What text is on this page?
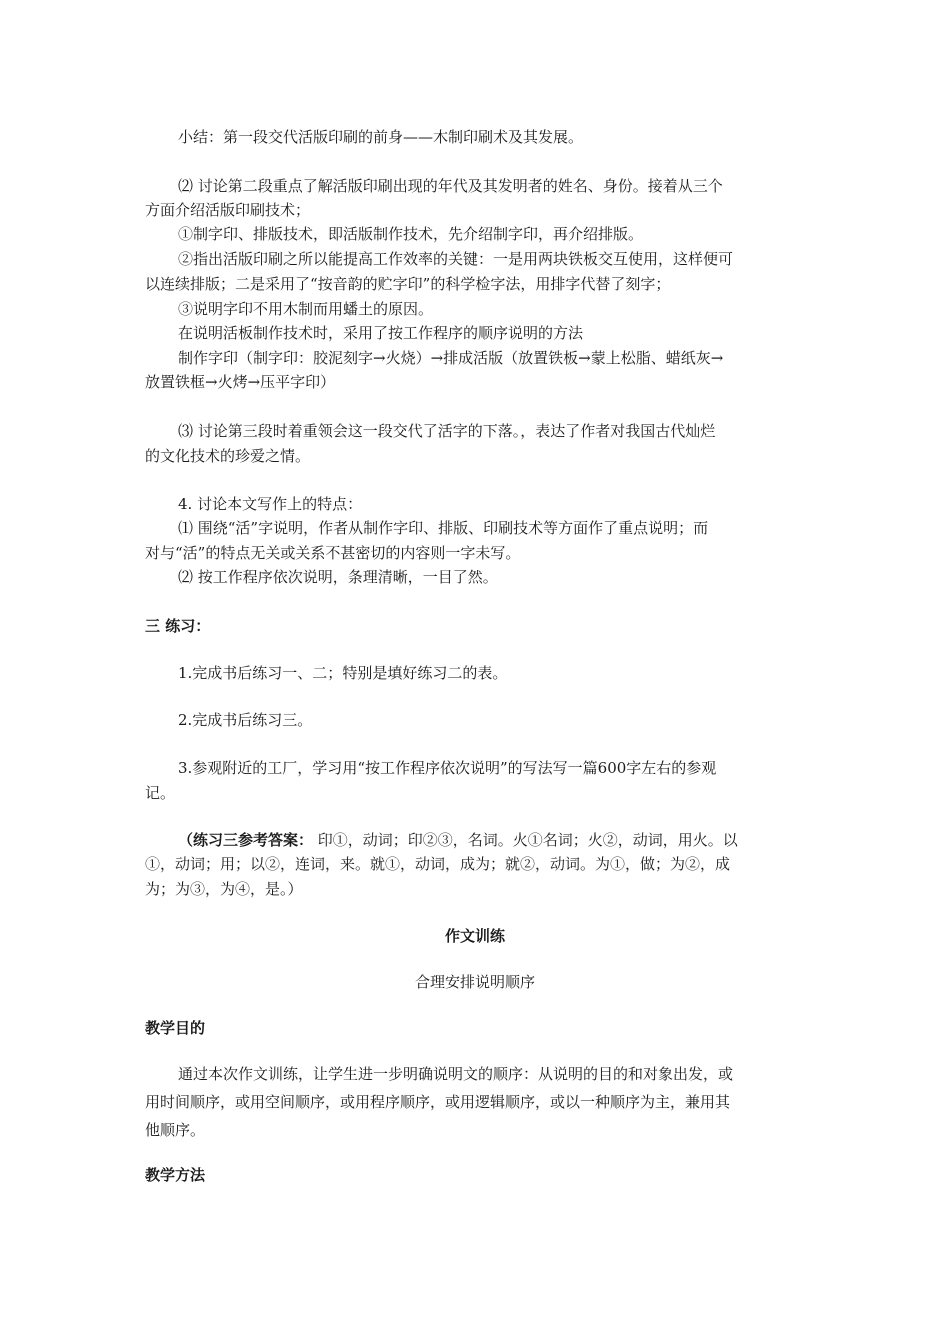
小结：第一段交代活版印刷的前身——木制印刷术及其发展。
⑵ 讨论第二段重点了解活版印刷出现的年代及其发明者的姓名、身份。接着从三个
方面介绍活版印刷技术；
①制字印、排版技术，即活版制作技术，先介绍制字印，再介绍排版。
②指出活版印刷之所以能提高工作效率的关键：一是用两块铁板交互使用，这样便可
以连续排版；二是采用了“按音韵的贮字印”的科学检字法，用排字代替了刻字；
③说明字印不用木制而用蟠土的原因。
在说明活板制作技术时，采用了按工作程序的顺序说明的方法
制作字印（制字印：胶泥刻字→火烧）→排成活版（放置铁板→蒙上松脂、蜡纸灰→
放置铁框→火烤→压平字印）
⑶ 讨论第三段时着重领会这一段交代了活字的下落。，表达了作者对我国古代灿烂
的文化技术的珍爱之情。
4. 讨论本文写作上的特点：
⑴ 围绕“活”字说明，作者从制作字印、排版、印刷技术等方面作了重点说明；而
对与“活”的特点无关或关系不甚密切的内容则一字未写。
⑵ 按工作程序依次说明，条理清晰，一目了然。
三 练习：
1.完成书后练习一、二；特别是填好练习二的表。
2.完成书后练习三。
3.参观附近的工厂，学习用“按工作程序依次说明”的写法写一篇600字左右的参观
记。
（练习三参考答案： 印①，动词；印②③，名词。火①名词；火②，动词，用火。以
①，动词；用；以②，连词，来。就①，动词，成为；就②，动词。为①，做；为②，成
为；为③，为④，是。）
作文训练
合理安排说明顺序
教学目的
通过本次作文训练，让学生进一步明确说明文的顺序：从说明的目的和对象出发，或
用时间顺序，或用空间顺序，或用程序顺序，或用逻辑顺序，或以一种顺序为主，兼用其
他顺序。
教学方法
